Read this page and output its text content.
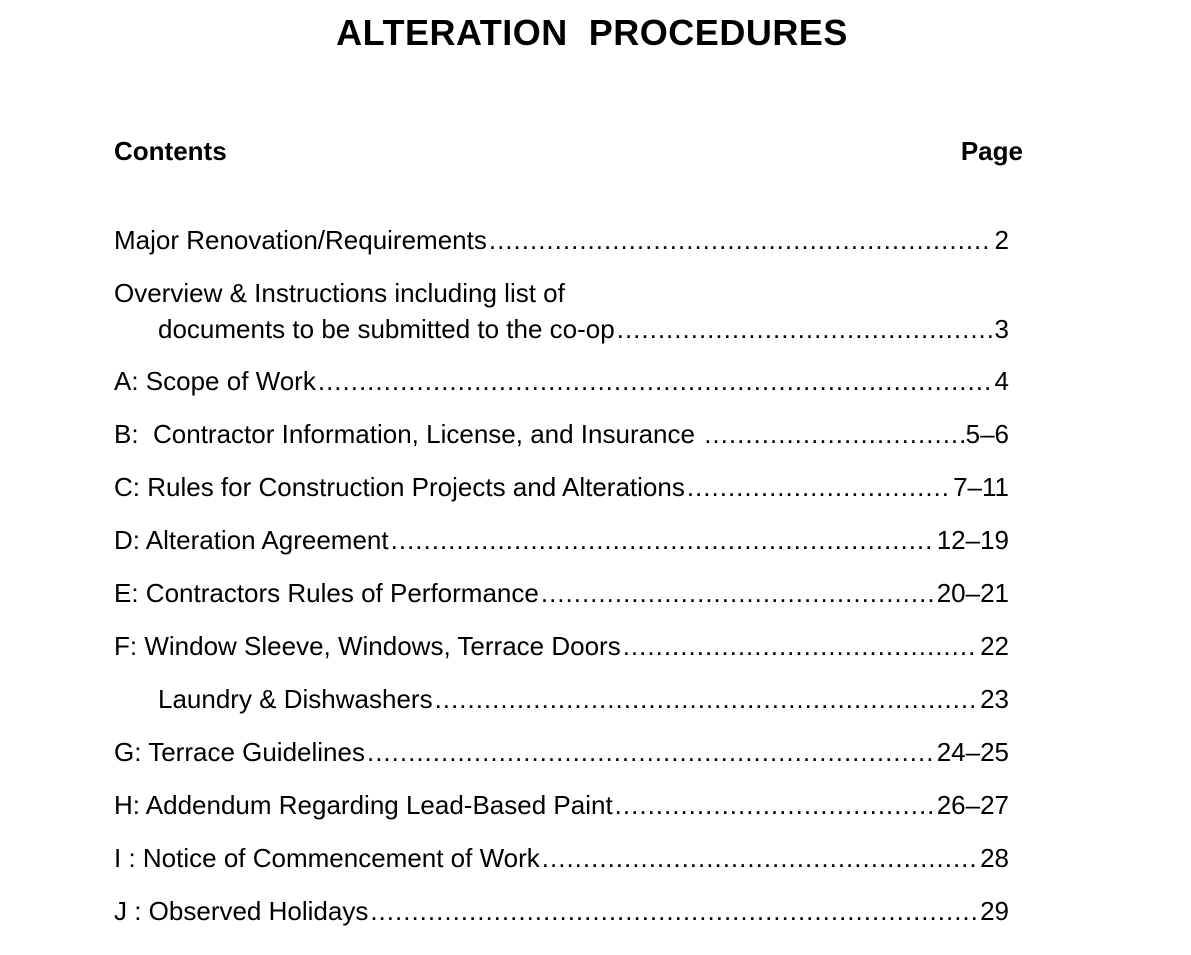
ALTERATION  PROCEDURES
Contents	Page
Major Renovation/Requirements .....	2
Overview & Instructions including list of
documents to be submitted to the co-op .....	3
A: Scope of Work .....	4
B:  Contractor Information, License, and Insurance .....	5–6
C: Rules for Construction Projects and Alterations .....	7–11
D: Alteration Agreement .....	12–19
E: Contractors Rules of Performance .....	20–21
F: Window Sleeve, Windows, Terrace Doors .....	22
Laundry & Dishwashers .....	23
G: Terrace Guidelines .....	24–25
H: Addendum Regarding Lead-Based Paint .....	26–27
I : Notice of Commencement of Work .....	28
J : Observed Holidays .....	29
